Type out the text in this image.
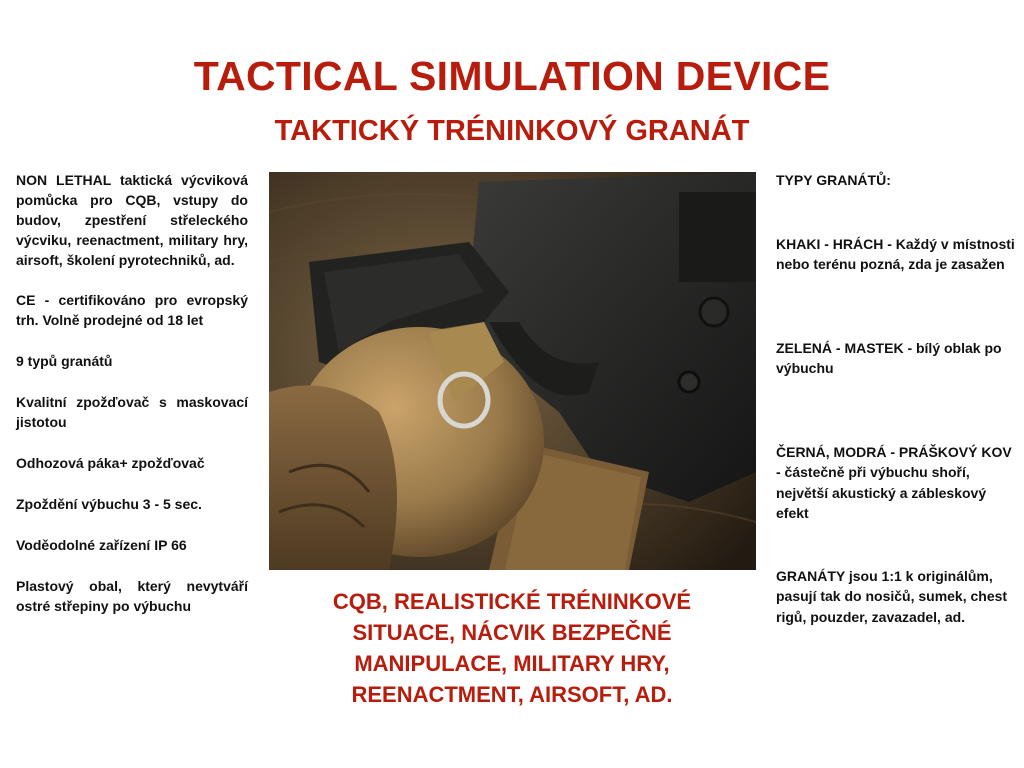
TACTICAL SIMULATION DEVICE
TAKTICKÝ TRÉNINKOVÝ GRANÁT

NON LETHAL taktická výcviková pomůcka pro CQB, vstupy do budov, zpestření střeleckého výcviku, reenactment, military hry, airsoft, školení pyrotechniků, ad.

CE - certifikováno pro evropský trh. Volně prodejné od 18 let

9 typů granátů

Kvalitní zpožďovač s maskovací jistotou

Odhozová páka+ zpožďovač

Zpoždění výbuchu 3 - 5 sec.

Voděodolné zařízení IP 66

Plastový obal, který nevytváří ostré střepiny po výbuchu

TYPY GRANÁTŮ:

KHAKI - HRÁCH - Každý v místnosti nebo terénu pozná, zda je zasažen

ZELENÁ - MASTEK - bílý oblak po výbuchu

ČERNÁ, MODRÁ - PRÁŠKOVÝ KOV - částečně při výbuchu shoří, největší akustický a zábleskový efekt

GRANÁTY jsou 1:1 k originálům, pasují tak do nosičů, sumek, chest rigů, pouzder, zavazadel, ad.

CQB, REALISTICKÉ TRÉNINKOVÉ SITUACE, NÁCVIK BEZPEČNÉ MANIPULACE, MILITARY HRY, REENACTMENT, AIRSOFT, AD.
